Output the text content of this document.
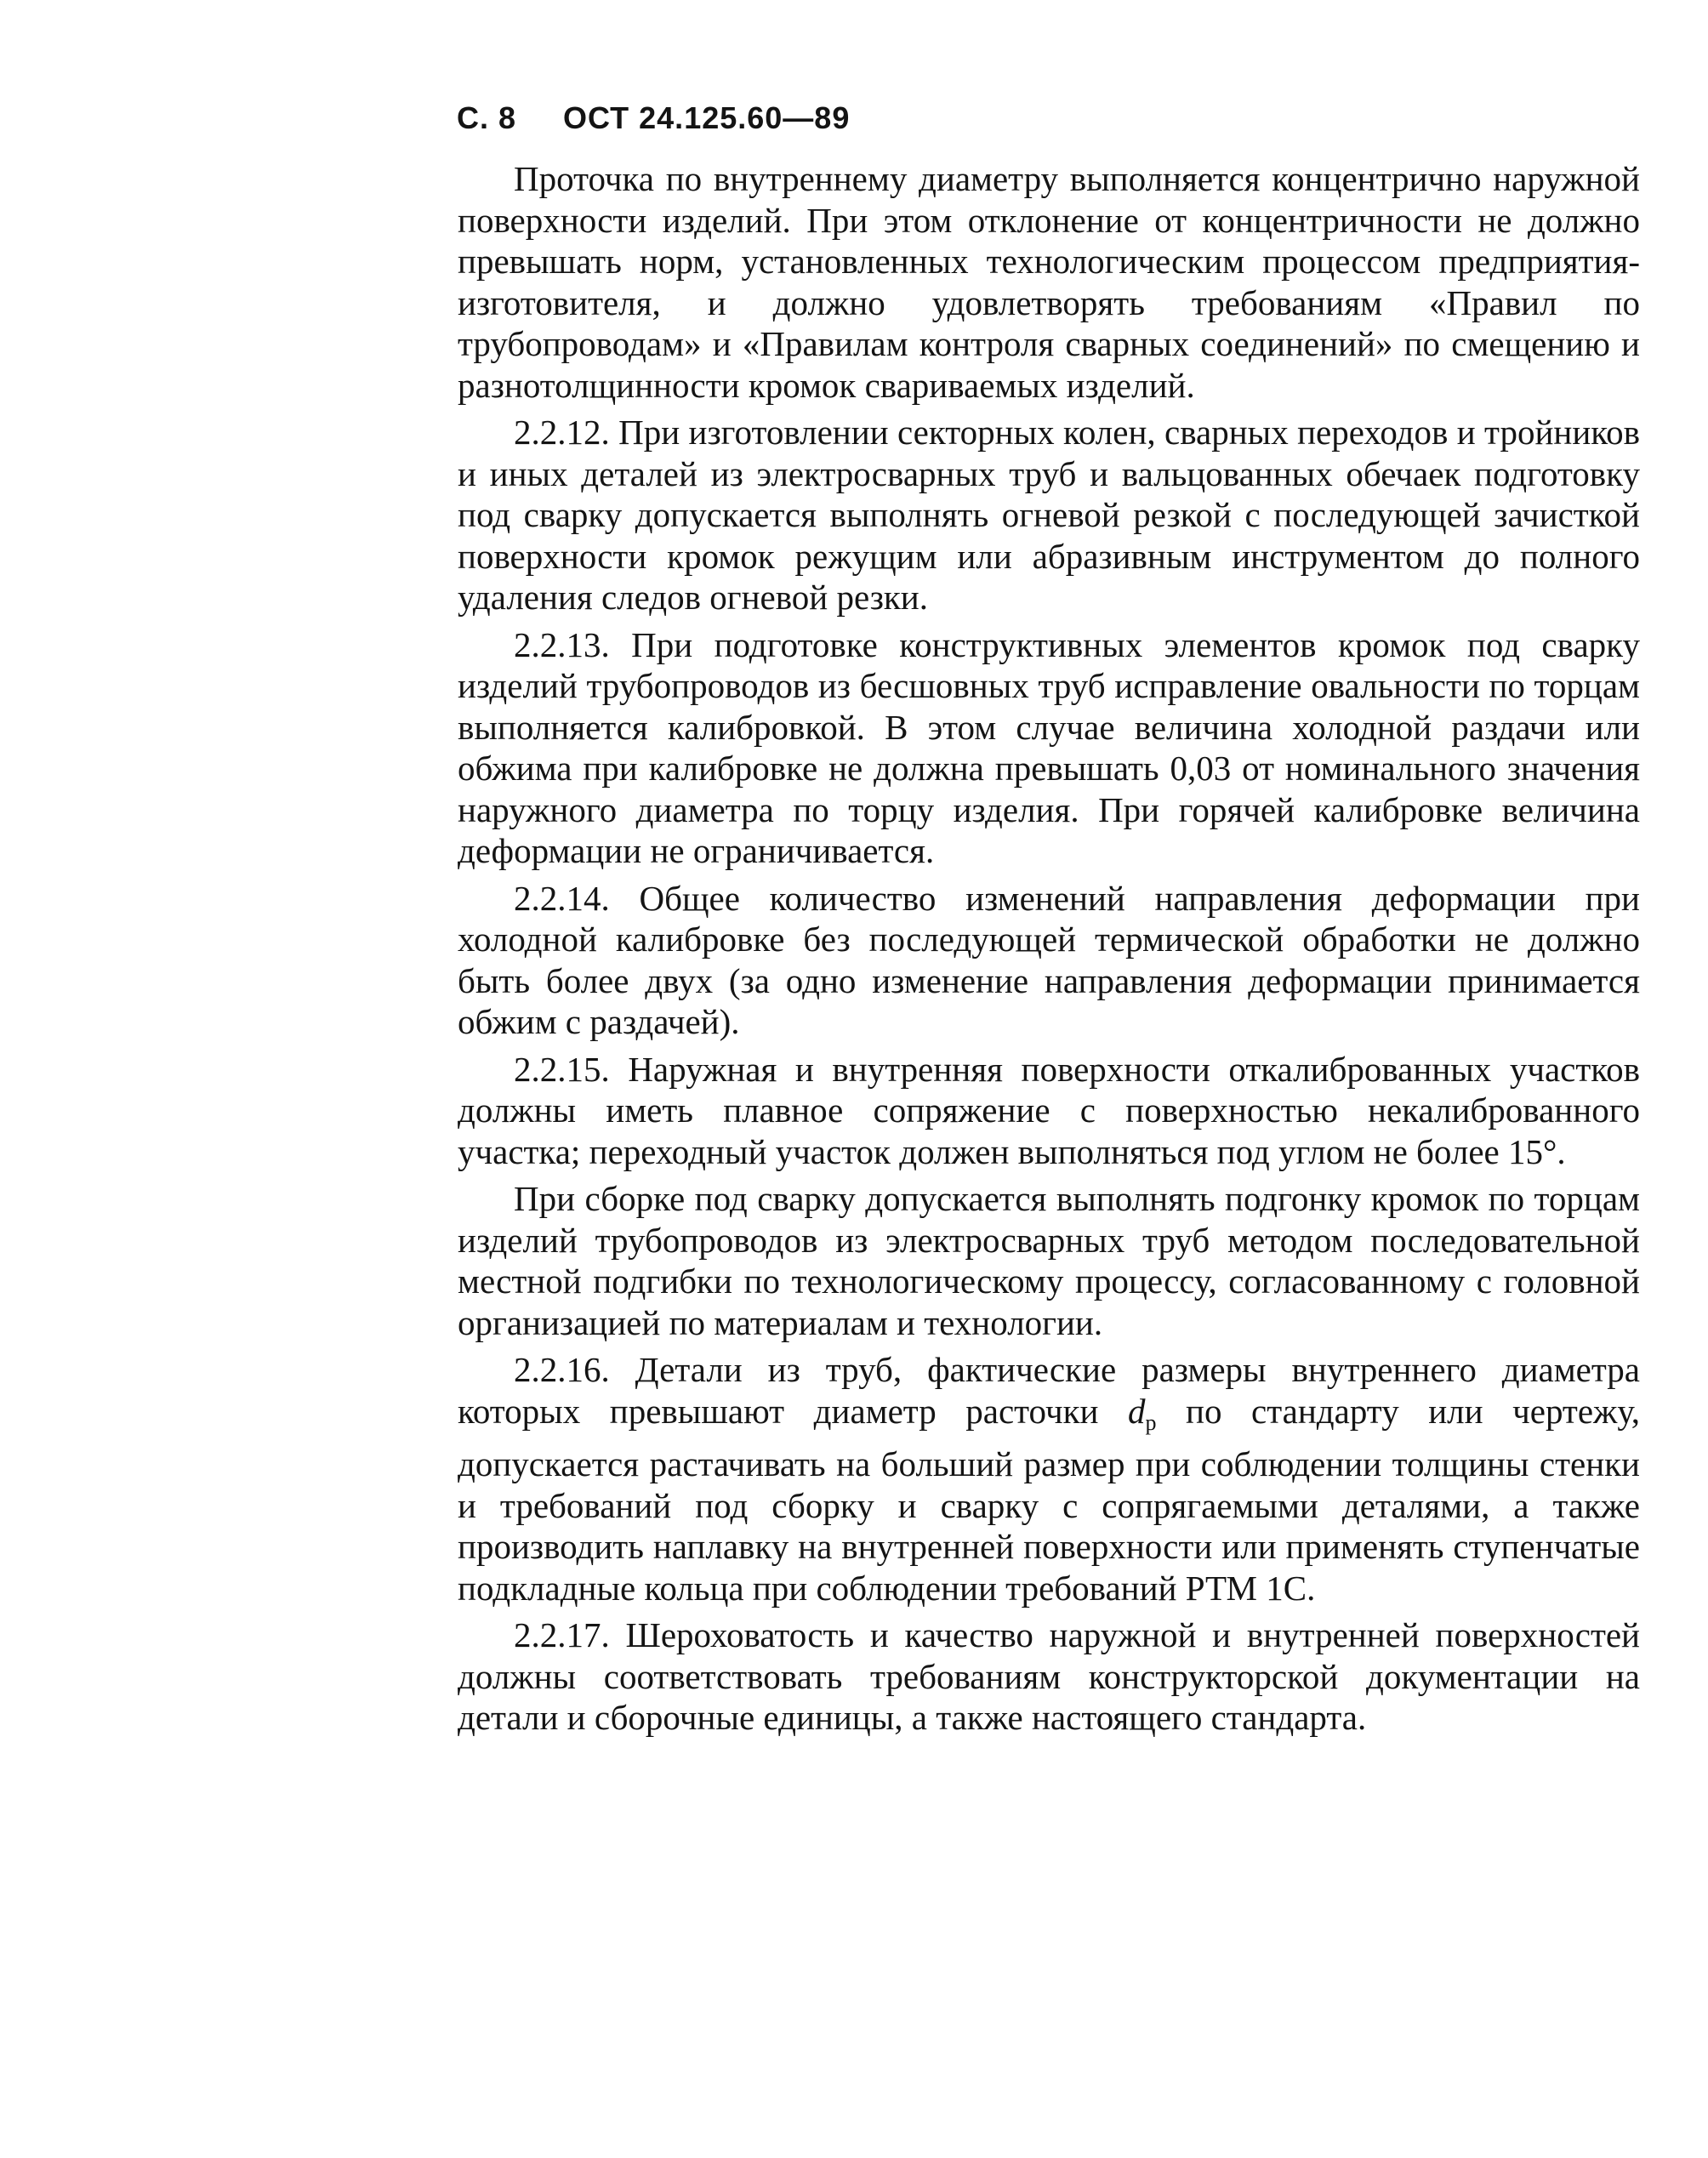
С. 8 ОСТ 24.125.60—89

Проточка по внутреннему диаметру выполняется концентрично наружной поверхности изделий. При этом отклонение от концентричности не должно превышать норм, установленных технологическим процессом предприятия-изготовителя, и должно удовлетворять требованиям «Правил по трубопроводам» и «Правилам контроля сварных соединений» по смещению и разнотолщинности кромок свариваемых изделий.

2.2.12. При изготовлении секторных колен, сварных переходов и тройников и иных деталей из электросварных труб и вальцованных обечаек подготовку под сварку допускается выполнять огневой резкой с последующей зачисткой поверхности кромок режущим или абразивным инструментом до полного удаления следов огневой резки.

2.2.13. При подготовке конструктивных элементов кромок под сварку изделий трубопроводов из бесшовных труб исправление овальности по торцам выполняется калибровкой. В этом случае величина холодной раздачи или обжима при калибровке не должна превышать 0,03 от номинального значения наружного диаметра по торцу изделия. При горячей калибровке величина деформации не ограничивается.

2.2.14. Общее количество изменений направления деформации при холодной калибровке без последующей термической обработки не должно быть более двух (за одно изменение направления деформации принимается обжим с раздачей).

2.2.15. Наружная и внутренняя поверхности откалиброванных участков должны иметь плавное сопряжение с поверхностью некалиброванного участка; переходный участок должен выполняться под углом не более 15°.

При сборке под сварку допускается выполнять подгонку кромок по торцам изделий трубопроводов из электросварных труб методом последовательной местной подгибки по технологическому процессу, согласованному с головной организацией по материалам и технологии.

2.2.16. Детали из труб, фактические размеры внутреннего диаметра которых превышают диаметр расточки dр по стандарту или чертежу, допускается растачивать на больший размер при соблюдении толщины стенки и требований под сборку и сварку с сопрягаемыми деталями, а также производить наплавку на внутренней поверхности или применять ступенчатые подкладные кольца при соблюдении требований РТМ 1С.

2.2.17. Шероховатость и качество наружной и внутренней поверхностей должны соответствовать требованиям конструкторской документации на детали и сборочные единицы, а также настоящего стандарта.
